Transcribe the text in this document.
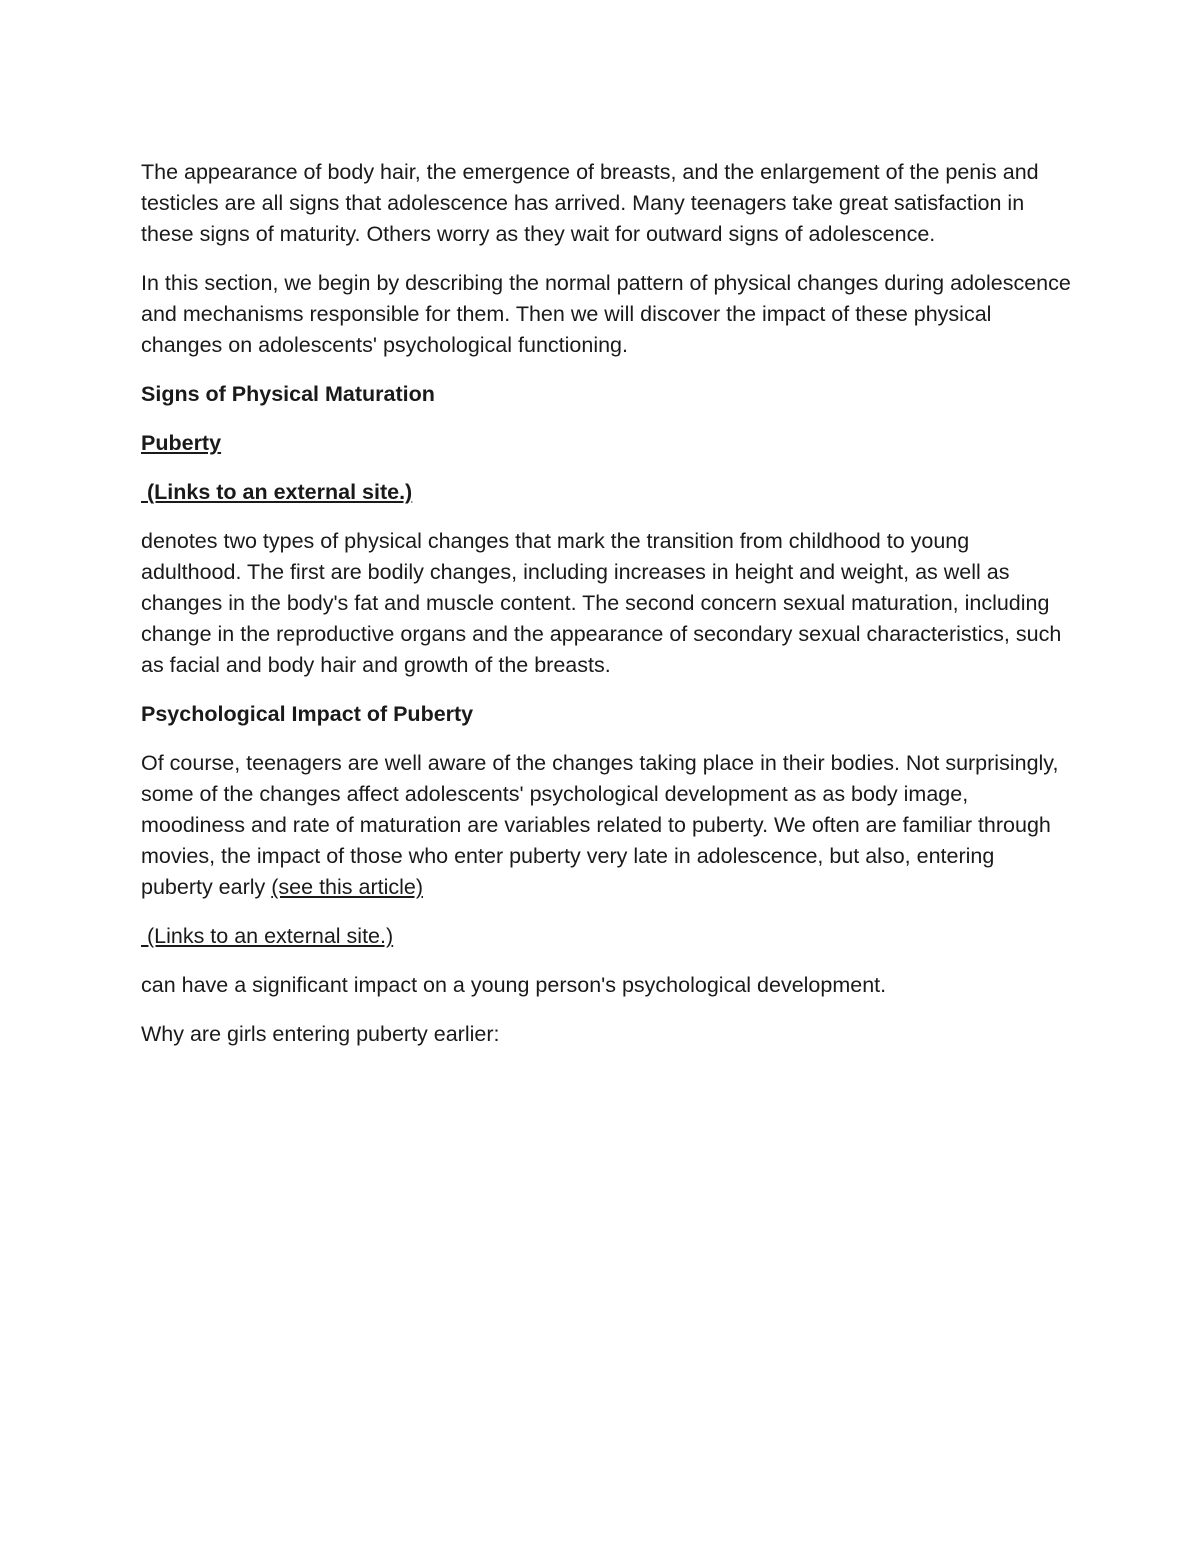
The appearance of body hair, the emergence of breasts, and the enlargement of the penis and testicles are all signs that adolescence has arrived. Many teenagers take great satisfaction in these signs of maturity. Others worry as they wait for outward signs of adolescence.

In this section, we begin by describing the normal pattern of physical changes during adolescence and mechanisms responsible for them. Then we will discover the impact of these physical changes on adolescents' psychological functioning.

Signs of Physical Maturation

Puberty

(Links to an external site.)

denotes two types of physical changes that mark the transition from childhood to young adulthood. The first are bodily changes, including increases in height and weight, as well as changes in the body's fat and muscle content. The second concern sexual maturation, including change in the reproductive organs and the appearance of secondary sexual characteristics, such as facial and body hair and growth of the breasts.

Psychological Impact of Puberty

Of course, teenagers are well aware of the changes taking place in their bodies. Not surprisingly, some of the changes affect adolescents' psychological development as as body image, moodiness and rate of maturation are variables related to puberty. We often are familiar through movies, the impact of those who enter puberty very late in adolescence, but also, entering puberty early (see this article)

(Links to an external site.)

can have a significant impact on a young person's psychological development.

Why are girls entering puberty earlier:
